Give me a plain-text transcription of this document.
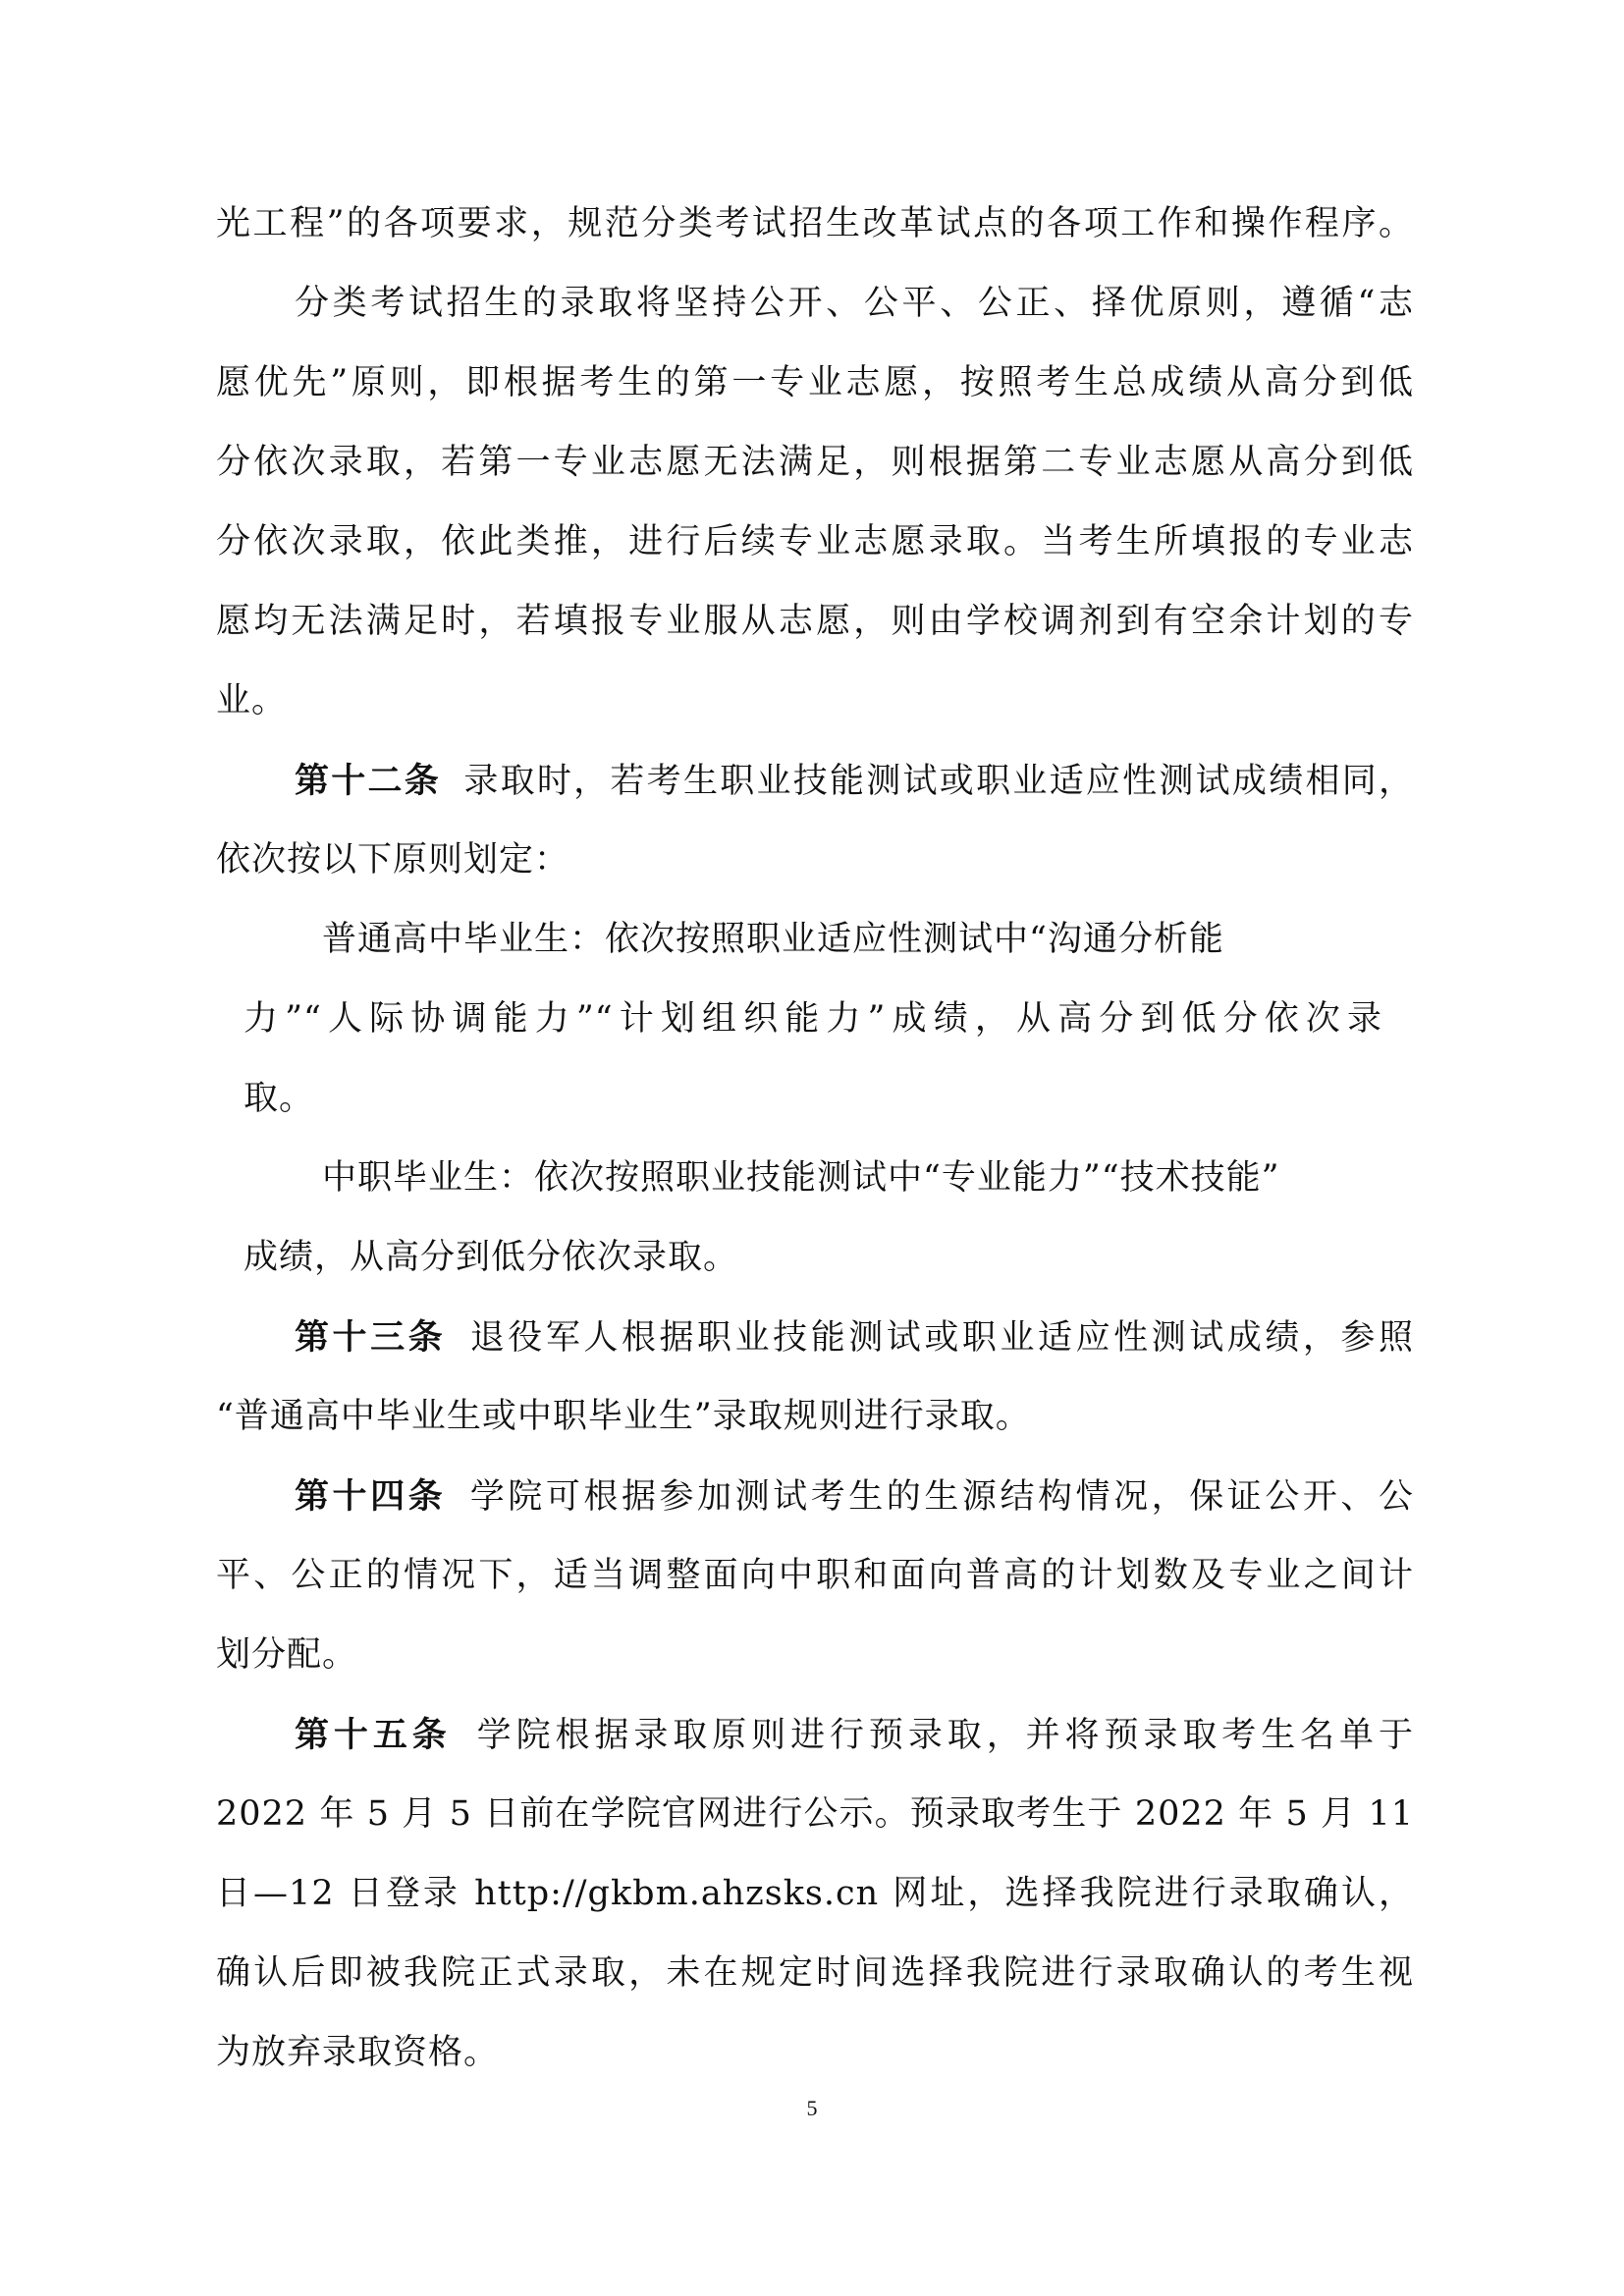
光工程”的各项要求，规范分类考试招生改革试点的各项工作和操作程序。
分类考试招生的录取将坚持公开、公平、公正、择优原则，遵循“志
愿优先”原则，即根据考生的第一专业志愿，按照考生总成绩从高分到低
分依次录取，若第一专业志愿无法满足，则根据第二专业志愿从高分到低
分依次录取，依此类推，进行后续专业志愿录取。当考生所填报的专业志
愿均无法满足时，若填报专业服从志愿，则由学校调剂到有空余计划的专
业。
第十二条 录取时，若考生职业技能测试或职业适应性测试成绩相同，
依次按以下原则划定：
普通高中毕业生：依次按照职业适应性测试中“沟通分析能
力”“人际协调能力”“计划组织能力”成绩，从高分到低分依次录
取。
中职毕业生：依次按照职业技能测试中“专业能力”“技术技能”
成绩，从高分到低分依次录取。
第十三条 退役军人根据职业技能测试或职业适应性测试成绩，参照
“普通高中毕业生或中职毕业生”录取规则进行录取。
第十四条 学院可根据参加测试考生的生源结构情况，保证公开、公
平、公正的情况下，适当调整面向中职和面向普高的计划数及专业之间计
划分配。
第十五条 学院根据录取原则进行预录取，并将预录取考生名单于
2022 年 5 月 5 日前在学院官网进行公示。预录取考生于 2022 年 5 月 11
日—12 日登录 http://gkbm.ahzsks.cn 网址，选择我院进行录取确认，
确认后即被我院正式录取，未在规定时间选择我院进行录取确认的考生视
为放弃录取资格。
5
